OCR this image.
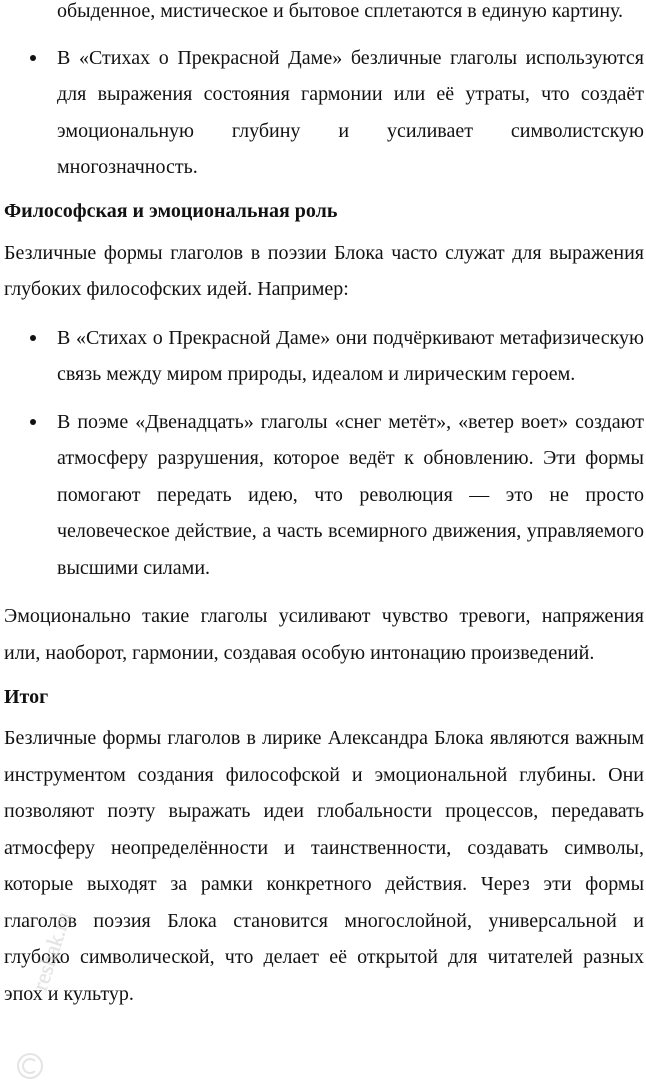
обыденное, мистическое и бытовое сплетаются в единую картину.
В «Стихах о Прекрасной Даме» безличные глаголы используются для выражения состояния гармонии или её утраты, что создаёт эмоциональную глубину и усиливает символистскую многозначность.
Философская и эмоциональная роль

Безличные формы глаголов в поэзии Блока часто служат для выражения глубоких философских идей. Например:

В «Стихах о Прекрасной Даме» они подчёркивают метафизическую связь между миром природы, идеалом и лирическим героем.
В поэме «Двенадцать» глаголы «снег метёт», «ветер воет» создают атмосферу разрушения, которое ведёт к обновлению. Эти формы помогают передать идею, что революция — это не просто человеческое действие, а часть всемирного движения, управляемого высшими силами.

Эмоционально такие глаголы усиливают чувство тревоги, напряжения или, наоборот, гармонии, создавая особую интонацию произведений.

Итог

Безличные формы глаголов в лирике Александра Блока являются важным инструментом создания философской и эмоциональной глубины. Они позволяют поэту выражать идеи глобальности процессов, передавать атмосферу неопределённости и таинственности, создавать символы, которые выходят за рамки конкретного действия. Через эти формы глаголов поэзия Блока становится многослойной, универсальной и глубоко символической, что делает её открытой для читателей разных эпох и культур.

reshak.ru
